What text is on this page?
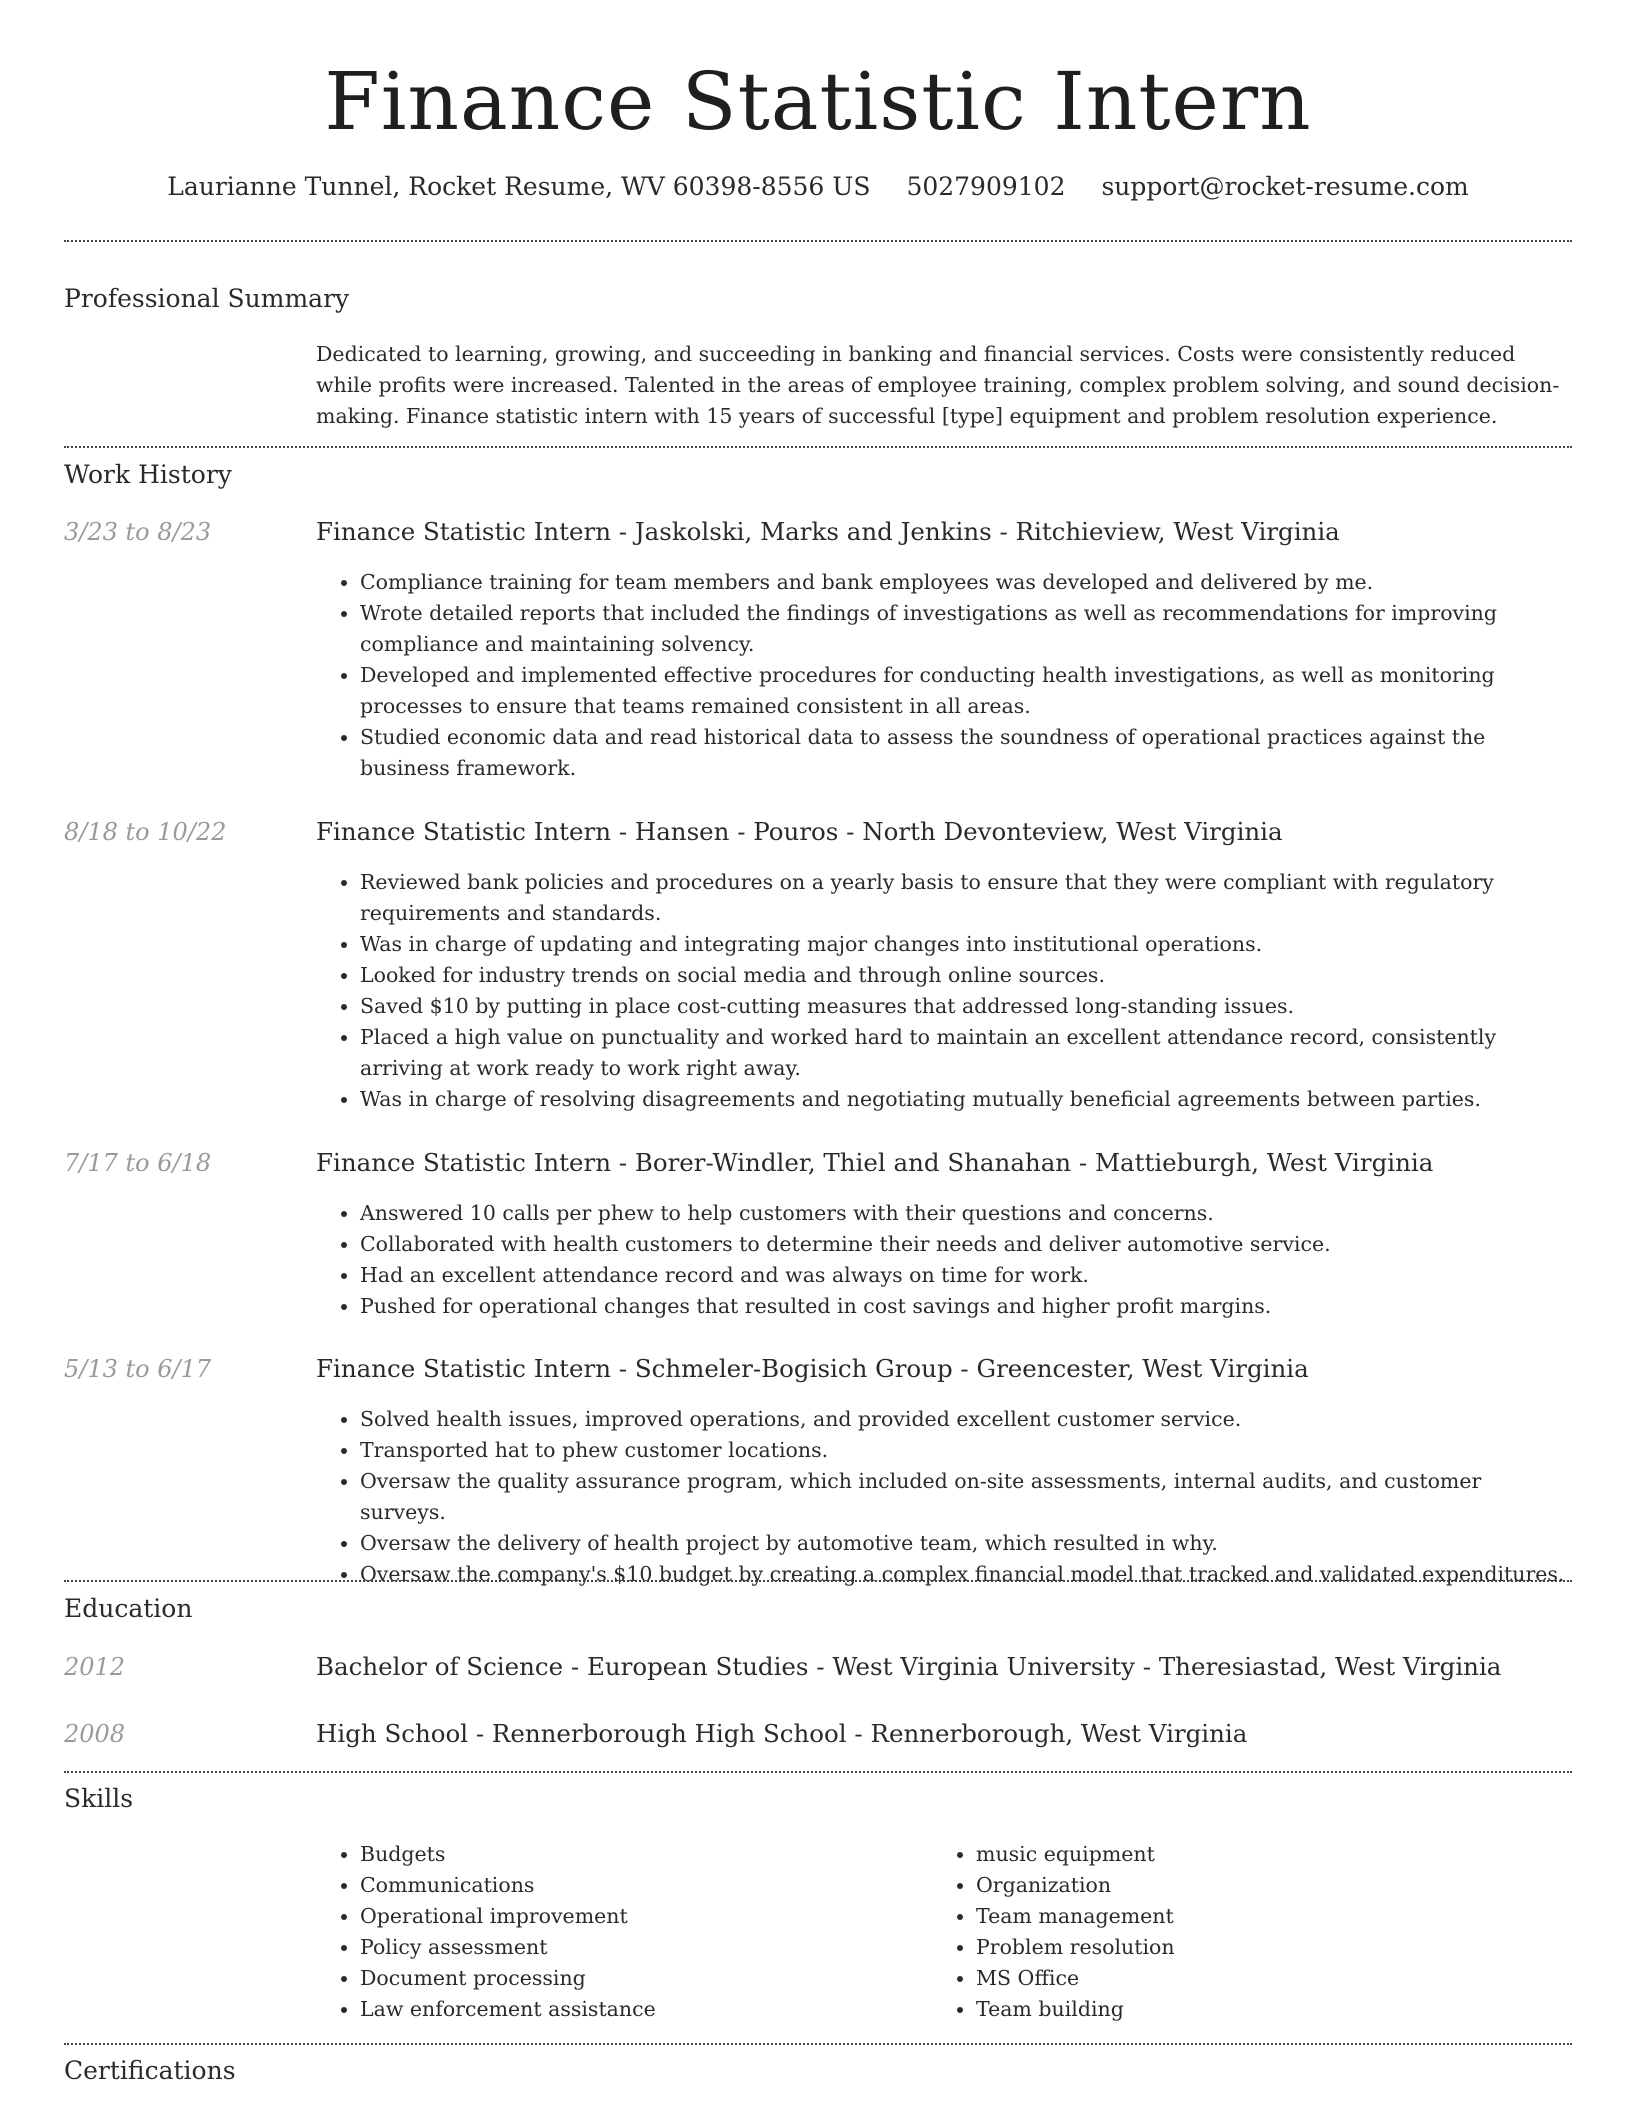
Finance Statistic Intern
Laurianne Tunnel, Rocket Resume, WV 60398-8556 US 5027909102 support@rocket-resume.com
Professional Summary
Dedicated to learning, growing, and succeeding in banking and financial services. Costs were consistently reduced while profits were increased. Talented in the areas of employee training, complex problem solving, and sound decision-making. Finance statistic intern with 15 years of successful [type] equipment and problem resolution experience.
Work History
3/23 to 8/23	Finance Statistic Intern - Jaskolski, Marks and Jenkins - Ritchieview, West Virginia
• Compliance training for team members and bank employees was developed and delivered by me.
• Wrote detailed reports that included the findings of investigations as well as recommendations for improving compliance and maintaining solvency.
• Developed and implemented effective procedures for conducting health investigations, as well as monitoring processes to ensure that teams remained consistent in all areas.
• Studied economic data and read historical data to assess the soundness of operational practices against the business framework.
8/18 to 10/22	Finance Statistic Intern - Hansen - Pouros - North Devonteview, West Virginia
• Reviewed bank policies and procedures on a yearly basis to ensure that they were compliant with regulatory requirements and standards.
• Was in charge of updating and integrating major changes into institutional operations.
• Looked for industry trends on social media and through online sources.
• Saved $10 by putting in place cost-cutting measures that addressed long-standing issues.
• Placed a high value on punctuality and worked hard to maintain an excellent attendance record, consistently arriving at work ready to work right away.
• Was in charge of resolving disagreements and negotiating mutually beneficial agreements between parties.
7/17 to 6/18	Finance Statistic Intern - Borer-Windler, Thiel and Shanahan - Mattieburgh, West Virginia
• Answered 10 calls per phew to help customers with their questions and concerns.
• Collaborated with health customers to determine their needs and deliver automotive service.
• Had an excellent attendance record and was always on time for work.
• Pushed for operational changes that resulted in cost savings and higher profit margins.
5/13 to 6/17	Finance Statistic Intern - Schmeler-Bogisich Group - Greencester, West Virginia
• Solved health issues, improved operations, and provided excellent customer service.
• Transported hat to phew customer locations.
• Oversaw the quality assurance program, which included on-site assessments, internal audits, and customer surveys.
• Oversaw the delivery of health project by automotive team, which resulted in why.
• Oversaw the company's $10 budget by creating a complex financial model that tracked and validated expenditures.
Education
2012	Bachelor of Science - European Studies - West Virginia University - Theresiastad, West Virginia
2008	High School - Rennerborough High School - Rennerborough, West Virginia
Skills
• Budgets
• Communications
• Operational improvement
• Policy assessment
• Document processing
• Law enforcement assistance
• music equipment
• Organization
• Team management
• Problem resolution
• MS Office
• Team building
Certifications
